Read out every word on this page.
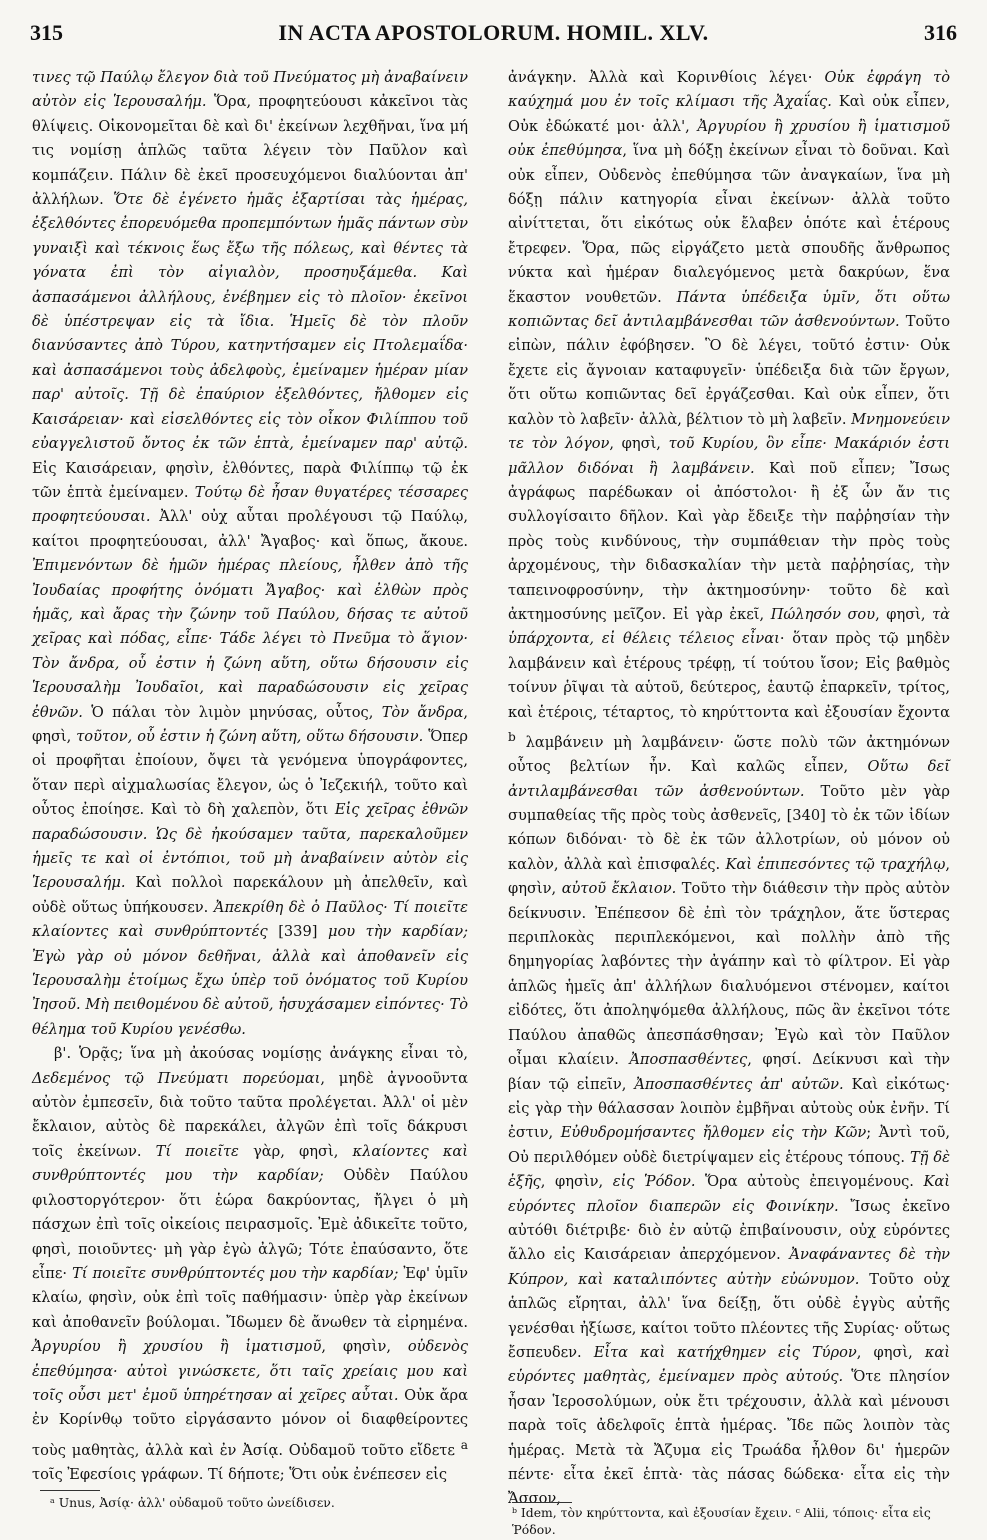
315	IN ACTA APOSTOLORUM. HOMIL. XLV.	316

τινες τῷ Παύλῳ ἔλεγον διὰ τοῦ Πνεύματος μὴ ἀναβαίνειν αὐτὸν εἰς Ἱερουσαλήμ. Ὅρα, προφητεύουσι κἀκεῖνοι τὰς θλίψεις. Οἰκονομεῖται δὲ καὶ δι' ἐκείνων λεχθῆναι, ἵνα μή τις νομίσῃ ἁπλῶς ταῦτα λέγειν τὸν Παῦλον καὶ κομπάζειν. Πάλιν δὲ ἐκεῖ προσευχόμενοι διαλύονται ἀπ' ἀλλήλων. Ὅτε δὲ ἐγένετο ἡμᾶς ἐξαρτίσαι τὰς ἡμέρας, ἐξελθόντες ἐπορευόμεθα προπεμπόντων ἡμᾶς πάντων σὺν γυναιξὶ καὶ τέκνοις ἕως ἔξω τῆς πόλεως, καὶ θέντες τὰ γόνατα ἐπὶ τὸν αἰγιαλὸν, προσηυξάμεθα. Καὶ ἀσπασάμενοι ἀλλήλους, ἐνέβημεν εἰς τὸ πλοῖον· ἐκεῖνοι δὲ ὑπέστρεψαν εἰς τὰ ἴδια. Ἡμεῖς δὲ τὸν πλοῦν διανύσαντες ἀπὸ Τύρου, κατηντήσαμεν εἰς Πτολεμαΐδα· καὶ ἀσπασάμενοι τοὺς ἀδελφοὺς, ἐμείναμεν ἡμέραν μίαν παρ' αὐτοῖς. Τῇ δὲ ἐπαύριον ἐξελθόντες, ἤλθομεν εἰς Καισάρειαν· καὶ εἰσελθόντες εἰς τὸν οἶκον Φιλίππου τοῦ εὐαγγελιστοῦ ὄντος ἐκ τῶν ἑπτὰ, ἐμείναμεν παρ' αὐτῷ. Εἰς Καισάρειαν, φησὶν, ἐλθόντες, παρὰ Φιλίππῳ τῷ ἐκ τῶν ἑπτὰ ἐμείναμεν. Τούτῳ δὲ ἦσαν θυγατέρες τέσσαρες προφητεύουσαι. Ἀλλ' οὐχ αὗται προλέγουσι τῷ Παύλῳ, καίτοι προφητεύουσαι, ἀλλ' Ἄγαβος· καὶ ὅπως, ἄκουε. Ἐπιμενόντων δὲ ἡμῶν ἡμέρας πλείους, ἦλθεν ἀπὸ τῆς Ἰουδαίας προφήτης ὀνόματι Ἄγαβος· καὶ ἐλθὼν πρὸς ἡμᾶς, καὶ ἄρας τὴν ζώνην τοῦ Παύλου, δήσας τε αὐτοῦ χεῖρας καὶ πόδας, εἶπε· Τάδε λέγει τὸ Πνεῦμα τὸ ἅγιον· Τὸν ἄνδρα, οὗ ἐστιν ἡ ζώνη αὕτη, οὕτω δήσουσιν εἰς Ἱερουσαλὴμ Ἰουδαῖοι, καὶ παραδώσουσιν εἰς χεῖρας ἐθνῶν. Ὁ πάλαι τὸν λιμὸν μηνύσας, οὗτος, Τὸν ἄνδρα, φησὶ, τοῦτον, οὗ ἐστιν ἡ ζώνη αὕτη, οὕτω δήσουσιν. Ὅπερ οἱ προφῆται ἐποίουν, ὄψει τὰ γενόμενα ὑπογράφοντες, ὅταν περὶ αἰχμαλωσίας ἔλεγον, ὡς ὁ Ἰεζεκιήλ, τοῦτο καὶ οὗτος ἐποίησε. Καὶ τὸ δὴ χαλεπὸν, ὅτι Εἰς χεῖρας ἐθνῶν παραδώσουσιν. Ὡς δὲ ἠκούσαμεν ταῦτα, παρεκαλοῦμεν ἡμεῖς τε καὶ οἱ ἐντόπιοι, τοῦ μὴ ἀναβαίνειν αὐτὸν εἰς Ἱερουσαλήμ. Καὶ πολλοὶ παρεκάλουν μὴ ἀπελθεῖν, καὶ οὐδὲ οὕτως ὑπήκουσεν. Ἀπεκρίθη δὲ ὁ Παῦλος· Τί ποιεῖτε κλαίοντες καὶ συνθρύπτοντές [339] μου τὴν καρδίαν; Ἐγὼ γὰρ οὐ μόνον δεθῆναι, ἀλλὰ καὶ ἀποθανεῖν εἰς Ἱερουσαλὴμ ἑτοίμως ἔχω ὑπὲρ τοῦ ὀνόματος τοῦ Κυρίου Ἰησοῦ. Μὴ πειθομένου δὲ αὐτοῦ, ἡσυχάσαμεν εἰπόντες· Τὸ θέλημα τοῦ Κυρίου γενέσθω.

β'. Ὁρᾷς; ἵνα μὴ ἀκούσας νομίσῃς ἀνάγκης εἶναι τὸ, Δεδεμένος τῷ Πνεύματι πορεύομαι, μηδὲ ἀγνοοῦντα αὐτὸν ἐμπεσεῖν, διὰ τοῦτο ταῦτα προλέγεται. Ἀλλ' οἱ μὲν ἔκλαιον, αὐτὸς δὲ παρεκάλει, ἀλγῶν ἐπὶ τοῖς δάκρυσι τοῖς ἐκείνων. Τί ποιεῖτε γὰρ, φησὶ, κλαίοντες καὶ συνθρύπτοντές μου τὴν καρδίαν; Οὐδὲν Παύλου φιλοστοργότερον· ὅτι ἑώρα δακρύοντας, ἤλγει ὁ μὴ πάσχων ἐπὶ τοῖς οἰκείοις πειρασμοῖς. Ἐμὲ ἀδικεῖτε τοῦτο, φησὶ, ποιοῦντες· μὴ γὰρ ἐγὼ ἀλγῶ; Τότε ἐπαύσαντο, ὅτε εἶπε· Τί ποιεῖτε συνθρύπτοντές μου τὴν καρδίαν; Ἐφ' ὑμῖν κλαίω, φησὶν, οὐκ ἐπὶ τοῖς παθήμασιν· ὑπὲρ γὰρ ἐκείνων καὶ ἀποθανεῖν βούλομαι. Ἴδωμεν δὲ ἄνωθεν τὰ εἰρημένα. Ἀργυρίου ἢ χρυσίου ἢ ἱματισμοῦ, φησὶν, οὐδενὸς ἐπεθύμησα· αὐτοὶ γινώσκετε, ὅτι ταῖς χρείαις μου καὶ τοῖς οὖσι μετ' ἐμοῦ ὑπηρέτησαν αἱ χεῖρες αὗται. Οὐκ ἄρα ἐν Κορίνθῳ τοῦτο εἰργάσαντο μόνον οἱ διαφθείροντες τοὺς μαθητὰς, ἀλλὰ καὶ ἐν Ἀσίᾳ. Οὐδαμοῦ τοῦτο εἴδετε $^a$ τοῖς Ἐφεσίοις γράφων. Τί δήποτε; Ὅτι οὐκ ἐνέπεσεν εἰς

ᵃ Unus, Ἀσίᾳ· ἀλλ' οὐδαμοῦ τοῦτο ὠνείδισεν.

ἀνάγκην. Ἀλλὰ καὶ Κορινθίοις λέγει· Οὐκ ἐφράγη τὸ καύχημά μου ἐν τοῖς κλίμασι τῆς Ἀχαΐας. Καὶ οὐκ εἶπεν, Οὐκ ἐδώκατέ μοι· ἀλλ', Ἀργυρίου ἢ χρυσίου ἢ ἱματισμοῦ οὐκ ἐπεθύμησα, ἵνα μὴ δόξῃ ἐκείνων εἶναι τὸ δοῦναι. Καὶ οὐκ εἶπεν, Οὐδενὸς ἐπεθύμησα τῶν ἀναγκαίων, ἵνα μὴ δόξῃ πάλιν κατηγορία εἶναι ἐκείνων· ἀλλὰ τοῦτο αἰνίττεται, ὅτι εἰκότως οὐκ ἔλαβεν ὁπότε καὶ ἑτέρους ἔτρεφεν. Ὅρα, πῶς εἰργάζετο μετὰ σπουδῆς ἄνθρωπος νύκτα καὶ ἡμέραν διαλεγόμενος μετὰ δακρύων, ἕνα ἕκαστον νουθετῶν. Πάντα ὑπέδειξα ὑμῖν, ὅτι οὕτω κοπιῶντας δεῖ ἀντιλαμβάνεσθαι τῶν ἀσθενούντων. Τοῦτο εἰπὼν, πάλιν ἐφόβησεν. Ὃ δὲ λέγει, τοῦτό ἐστιν· Οὐκ ἔχετε εἰς ἄγνοιαν καταφυγεῖν· ὑπέδειξα διὰ τῶν ἔργων, ὅτι οὕτω κοπιῶντας δεῖ ἐργάζεσθαι. Καὶ οὐκ εἶπεν, ὅτι καλὸν τὸ λαβεῖν· ἀλλὰ, βέλτιον τὸ μὴ λαβεῖν. Μνημονεύειν τε τὸν λόγον, φησὶ, τοῦ Κυρίου, ὃν εἶπε· Μακάριόν ἐστι μᾶλλον διδόναι ἢ λαμβάνειν. Καὶ ποῦ εἶπεν; Ἴσως ἀγράφως παρέδωκαν οἱ ἀπόστολοι· ἢ ἐξ ὧν ἄν τις συλλογίσαιτο δῆλον. Καὶ γὰρ ἔδειξε τὴν παῤῥησίαν τὴν πρὸς τοὺς κινδύνους, τὴν συμπάθειαν τὴν πρὸς τοὺς ἀρχομένους, τὴν διδασκαλίαν τὴν μετὰ παῤῥησίας, τὴν ταπεινοφροσύνην, τὴν ἀκτημοσύνην· τοῦτο δὲ καὶ ἀκτημοσύνης μεῖζον. Εἰ γὰρ ἐκεῖ, Πώλησόν σου, φησὶ, τὰ ὑπάρχοντα, εἰ θέλεις τέλειος εἶναι· ὅταν πρὸς τῷ μηδὲν λαμβάνειν καὶ ἑτέρους τρέφῃ, τί τούτου ἴσον; Εἰς βαθμὸς τοίνυν ῥῖψαι τὰ αὑτοῦ, δεύτερος, ἑαυτῷ ἐπαρκεῖν, τρίτος, καὶ ἑτέροις, τέταρτος, τὸ κηρύττοντα καὶ ἐξουσίαν ἔχοντα $^b$ λαμβάνειν μὴ λαμβάνειν· ὥστε πολὺ τῶν ἀκτημόνων οὗτος βελτίων ἦν. Καὶ καλῶς εἶπεν, Οὕτω δεῖ ἀντιλαμβάνεσθαι τῶν ἀσθενούντων. Τοῦτο μὲν γὰρ συμπαθείας τῆς πρὸς τοὺς ἀσθενεῖς, [340] τὸ ἐκ τῶν ἰδίων κόπων διδόναι· τὸ δὲ ἐκ τῶν ἀλλοτρίων, οὐ μόνον οὐ καλὸν, ἀλλὰ καὶ ἐπισφαλές. Καὶ ἐπιπεσόντες τῷ τραχήλῳ, φησὶν, αὐτοῦ ἔκλαιον. Τοῦτο τὴν διάθεσιν τὴν πρὸς αὐτὸν δείκνυσιν. Ἐπέπεσον δὲ ἐπὶ τὸν τράχηλον, ἅτε ὕστερας περιπλοκὰς περιπλεκόμενοι, καὶ πολλὴν ἀπὸ τῆς δημηγορίας λαβόντες τὴν ἀγάπην καὶ τὸ φίλτρον. Εἰ γὰρ ἁπλῶς ἡμεῖς ἀπ' ἀλλήλων διαλυόμενοι στένομεν, καίτοι εἰδότες, ὅτι ἀποληψόμεθα ἀλλήλους, πῶς ἂν ἐκεῖνοι τότε Παύλου ἀπαθῶς ἀπεσπάσθησαν; Ἐγὼ καὶ τὸν Παῦλον οἶμαι κλαίειν. Ἀποσπασθέντες, φησί. Δείκνυσι καὶ τὴν βίαν τῷ εἰπεῖν, Ἀποσπασθέντες ἀπ' αὐτῶν. Καὶ εἰκότως· εἰς γὰρ τὴν θάλασσαν λοιπὸν ἐμβῆναι αὐτοὺς οὐκ ἐνῆν. Τί ἐστιν, Εὐθυδρομήσαντες ἤλθομεν εἰς τὴν Κῶν; Ἀντὶ τοῦ, Οὐ περιλθόμεν οὐδὲ διετρίψαμεν εἰς ἑτέρους τόπους. Τῇ δὲ ἑξῆς, φησὶν, εἰς Ῥόδον. Ὅρα αὐτοὺς ἐπειγομένους. Καὶ εὑρόντες πλοῖον διαπερῶν εἰς Φοινίκην. Ἴσως ἐκεῖνο αὐτόθι διέτριβε· διὸ ἐν αὐτῷ ἐπιβαίνουσιν, οὐχ εὑρόντες ἄλλο εἰς Καισάρειαν ἀπερχόμενον. Ἀναφάναντες δὲ τὴν Κύπρον, καὶ καταλιπόντες αὐτὴν εὐώνυμον. Τοῦτο οὐχ ἁπλῶς εἴρηται, ἀλλ' ἵνα δείξῃ, ὅτι οὐδὲ ἐγγὺς αὐτῆς γενέσθαι ἠξίωσε, καίτοι τοῦτο πλέοντες τῆς Συρίας· οὕτως ἔσπευδεν. Εἶτα καὶ κατήχθημεν εἰς Τύρον, φησὶ, καὶ εὑρόντες μαθητὰς, ἐμείναμεν πρὸς αὐτούς. Ὅτε πλησίον ἦσαν Ἱεροσολύμων, οὐκ ἔτι τρέχουσιν, ἀλλὰ καὶ μένουσι παρὰ τοῖς ἀδελφοῖς ἑπτὰ ἡμέρας. Ἴδε πῶς λοιπὸν τὰς ἡμέρας. Μετὰ τὰ Ἄζυμα εἰς Τρωάδα ἦλθον δι' ἡμερῶν πέντε· εἶτα ἐκεῖ ἑπτὰ· τὰς πάσας δώδεκα· εἶτα εἰς τὴν Ἄσσον,

ᵇ Idem, τὸν κηρύττοντα, καὶ ἐξουσίαν ἔχειν. ᶜ Alii, τόποις· εἶτα εἰς Ῥόδον.
